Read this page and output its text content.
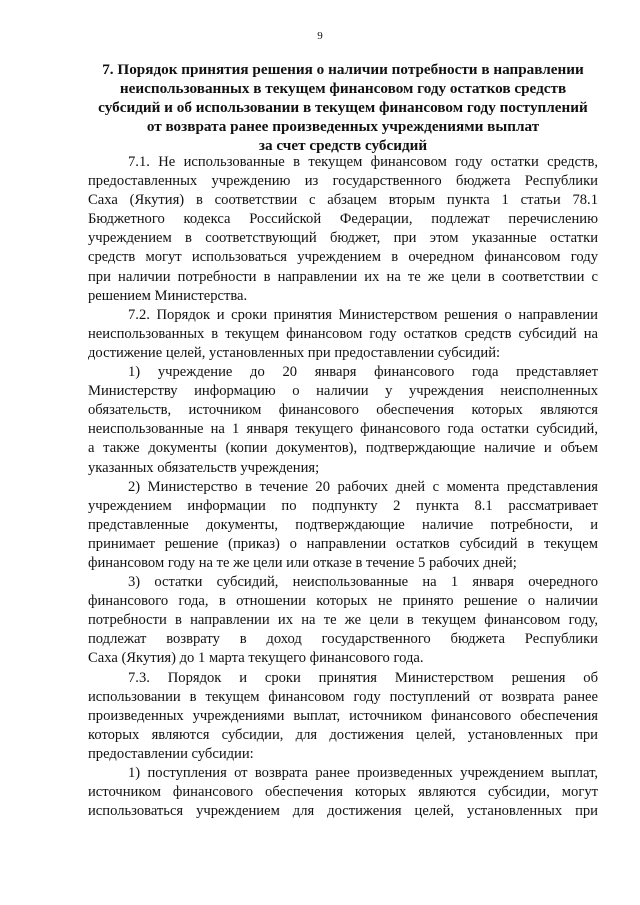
9
7. Порядок принятия решения о наличии потребности в направлении
неиспользованных в текущем финансовом году остатков средств
субсидий и об использовании в текущем финансовом году поступлений
от возврата ранее произведенных учреждениями выплат
за счет средств субсидий
7.1. Не использованные в текущем финансовом году остатки средств,
предоставленных учреждению из государственного бюджета Республики
Саха (Якутия) в соответствии с абзацем вторым пункта 1 статьи 78.1
Бюджетного кодекса Российской Федерации, подлежат перечислению
учреждением в соответствующий бюджет, при этом указанные остатки
средств могут использоваться учреждением в очередном финансовом году
при наличии потребности в направлении их на те же цели в соответствии с
решением Министерства.
7.2. Порядок и сроки принятия Министерством решения о направлении
неиспользованных в текущем финансовом году остатков средств субсидий на
достижение целей, установленных при предоставлении субсидий:
1) учреждение до 20 января финансового года представляет
Министерству информацию о наличии у учреждения неисполненных
обязательств, источником финансового обеспечения которых являются
неиспользованные на 1 января текущего финансового года остатки субсидий,
а также документы (копии документов), подтверждающие наличие и объем
указанных обязательств учреждения;
2) Министерство в течение 20 рабочих дней с момента представления
учреждением информации по подпункту 2 пункта 8.1 рассматривает
представленные документы, подтверждающие наличие потребности, и
принимает решение (приказ) о направлении остатков субсидий в текущем
финансовом году на те же цели или отказе в течение 5 рабочих дней;
3) остатки субсидий, неиспользованные на 1 января очередного
финансового года, в отношении которых не принято решение о наличии
потребности в направлении их на те же цели в текущем финансовом году,
подлежат возврату в доход государственного бюджета Республики
Саха (Якутия) до 1 марта текущего финансового года.
7.3. Порядок и сроки принятия Министерством решения об
использовании в текущем финансовом году поступлений от возврата ранее
произведенных учреждениями выплат, источником финансового обеспечения
которых являются субсидии, для достижения целей, установленных при
предоставлении субсидии:
1) поступления от возврата ранее произведенных учреждением выплат,
источником финансового обеспечения которых являются субсидии, могут
использоваться учреждением для достижения целей, установленных при
